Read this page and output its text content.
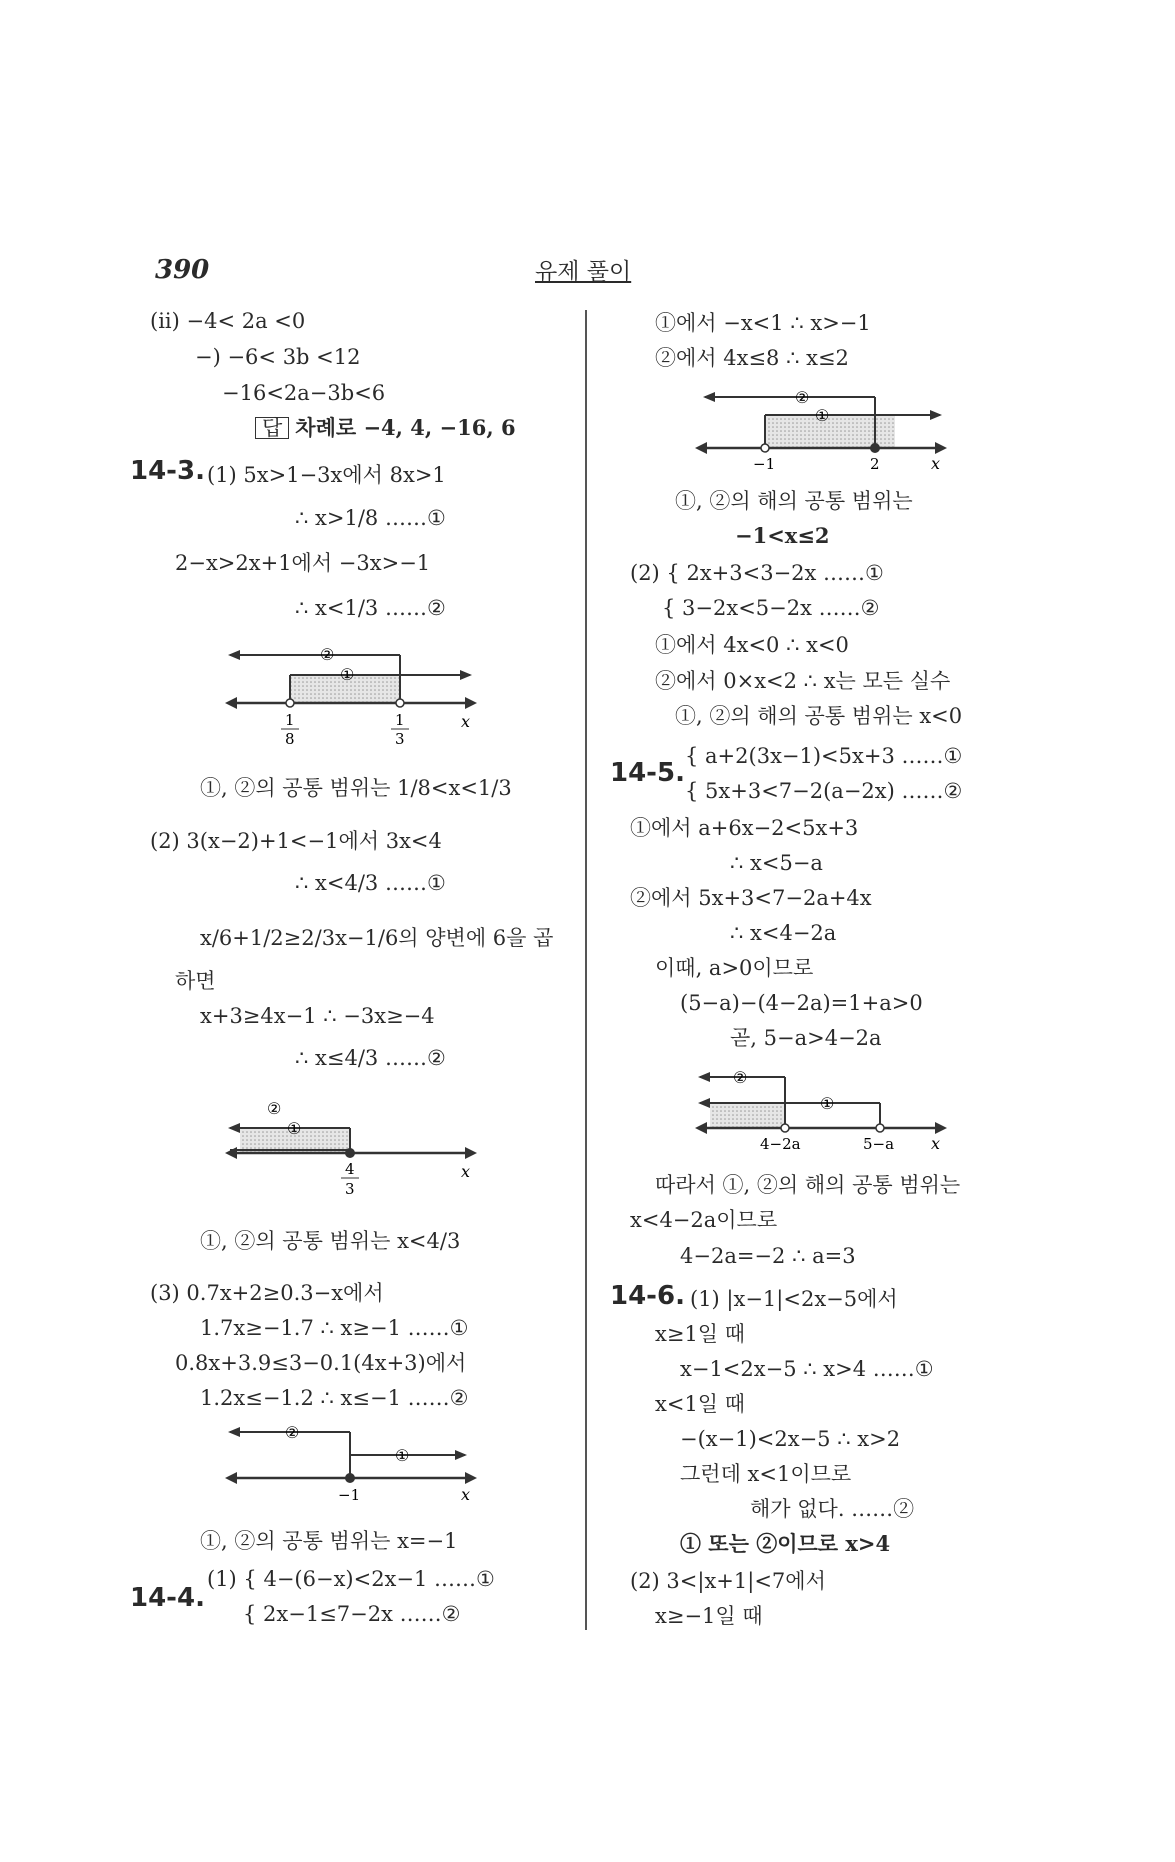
390	유제 풀이
(ii) −4< 2a <0
−) −6< 3b <12
−16<2a−3b<6
답 차례로 −4, 4, −16, 6
14-3. (1) 5x>1−3x에서 8x>1
∴ x>1/8 ……①
2−x>2x+1에서 −3x>−1
∴ x<1/3 ……②
②
①
1
8
1
3
x
①, ②의 공통 범위는 1/8<x<1/3
(2) 3(x−2)+1<−1에서 3x<4
∴ x<4/3 ……①
x/6+1/2≥2/3x−1/6의 양변에 6을 곱
하면
x+3≥4x−1 ∴ −3x≥−4
∴ x≤4/3 ……②
②
①
4
3
x
①, ②의 공통 범위는 x<4/3
(3) 0.7x+2≥0.3−x에서
1.7x≥−1.7 ∴ x≥−1 ……①
0.8x+3.9≤3−0.1(4x+3)에서
1.2x≤−1.2 ∴ x≤−1 ……②
②
①
−1	x
①, ②의 공통 범위는 x=−1
14-4.
(1) { 4−(6−x)<2x−1 ……①
{ 2x−1≤7−2x ……②
①에서 −x<1 ∴ x>−1
②에서 4x≤8 ∴ x≤2
②
①
−1	2	x
①, ②의 해의 공통 범위는
−1<x≤2
(2) { 2x+3<3−2x ……①
{ 3−2x<5−2x ……②
①에서 4x<0 ∴ x<0
②에서 0×x<2 ∴ x는 모든 실수
①, ②의 해의 공통 범위는 x<0
14-5.
{ a+2(3x−1)<5x+3 ……①
{ 5x+3<7−2(a−2x) ……②
①에서 a+6x−2<5x+3
∴ x<5−a
②에서 5x+3<7−2a+4x
∴ x<4−2a
이때, a>0이므로
(5−a)−(4−2a)=1+a>0
곧, 5−a>4−2a
②
①
4−2a	5−a x
따라서 ①, ②의 해의 공통 범위는
x<4−2a이므로
4−2a=−2 ∴ a=3
14-6. (1) |x−1|<2x−5에서
x≥1일 때
x−1<2x−5 ∴ x>4 ……①
x<1일 때
−(x−1)<2x−5 ∴ x>2
그런데 x<1이므로
해가 없다. ……②
① 또는 ②이므로 x>4
(2) 3<|x+1|<7에서
x≥−1일 때
